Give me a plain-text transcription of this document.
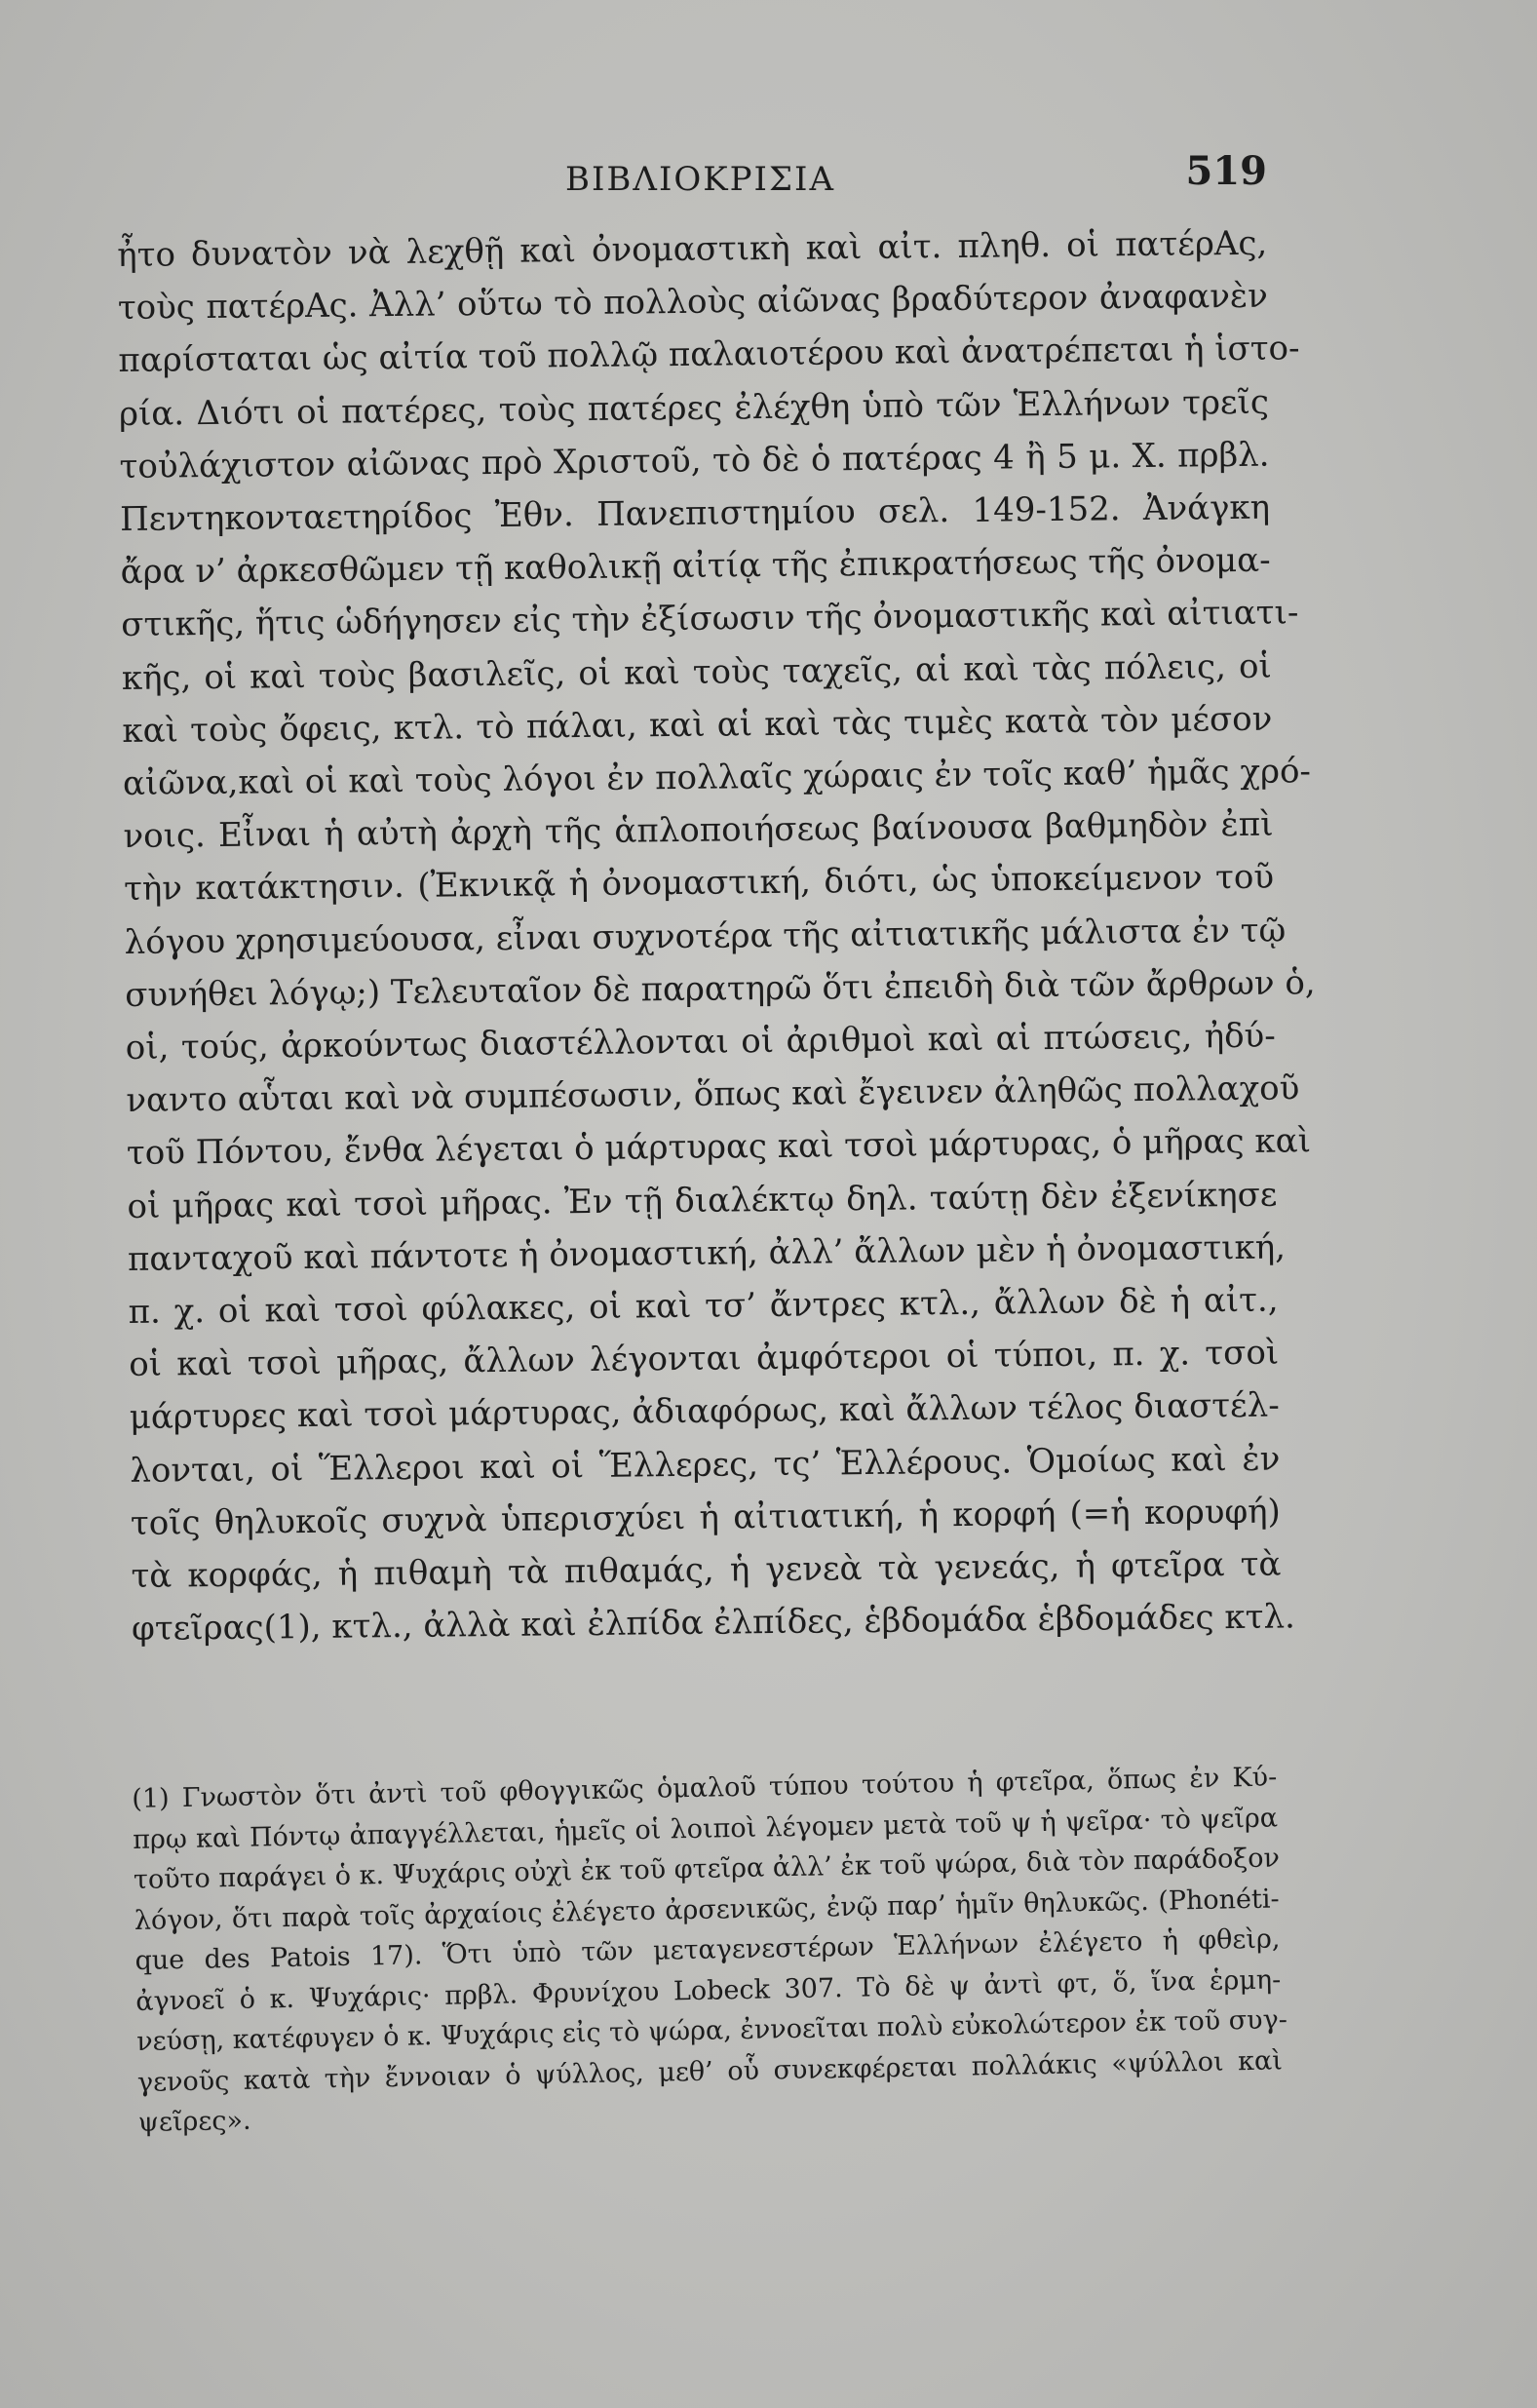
ΒΙΒΛΙΟΚΡΙΣΙΑ	519
ἦτο δυνατὸν νὰ λεχθῇ καὶ ὀνομαστικὴ καὶ αἰτ. πληθ. οἱ πατέρΑς,
τοὺς πατέρΑς. Ἀλλ’ οὕτω τὸ πολλοὺς αἰῶνας βραδύτερον ἀναφανὲν
παρίσταται ὡς αἰτία τοῦ πολλῷ παλαιοτέρου καὶ ἀνατρέπεται ἡ ἱστο-
ρία. Διότι οἱ πατέρες, τοὺς πατέρες ἐλέχθη ὑπὸ τῶν Ἑλλήνων τρεῖς
τοὐλάχιστον αἰῶνας πρὸ Χριστοῦ, τὸ δὲ ὁ πατέρας 4 ἢ 5 μ. Χ. πρβλ.
Πεντηκονταετηρίδος Ἐθν. Πανεπιστημίου σελ. 149-152. Ἀνάγκη
ἄρα ν’ ἀρκεσθῶμεν τῇ καθολικῇ αἰτίᾳ τῆς ἐπικρατήσεως τῆς ὀνομα-
στικῆς, ἥτις ὡδήγησεν εἰς τὴν ἐξίσωσιν τῆς ὀνομαστικῆς καὶ αἰτιατι-
κῆς, οἱ καὶ τοὺς βασιλεῖς, οἱ καὶ τοὺς ταχεῖς, αἱ καὶ τὰς πόλεις, οἱ
καὶ τοὺς ὄφεις, κτλ. τὸ πάλαι, καὶ αἱ καὶ τὰς τιμὲς κατὰ τὸν μέσον
αἰῶνα,καὶ οἱ καὶ τοὺς λόγοι ἐν πολλαῖς χώραις ἐν τοῖς καθ’ ἡμᾶς χρό-
νοις. Εἶναι ἡ αὐτὴ ἀρχὴ τῆς ἁπλοποιήσεως βαίνουσα βαθμηδὸν ἐπὶ
τὴν κατάκτησιν. (Ἐκνικᾷ ἡ ὀνομαστική, διότι, ὡς ὑποκείμενον τοῦ
λόγου χρησιμεύουσα, εἶναι συχνοτέρα τῆς αἰτιατικῆς μάλιστα ἐν τῷ
συνήθει λόγῳ;) Τελευταῖον δὲ παρατηρῶ ὅτι ἐπειδὴ διὰ τῶν ἄρθρων ὁ,
οἱ, τούς, ἀρκούντως διαστέλλονται οἱ ἀριθμοὶ καὶ αἱ πτώσεις, ἠδύ-
ναντο αὗται καὶ νὰ συμπέσωσιν, ὅπως καὶ ἔγεινεν ἀληθῶς πολλαχοῦ
τοῦ Πόντου, ἔνθα λέγεται ὁ μάρτυρας καὶ τσοὶ μάρτυρας, ὁ μῆρας καὶ
οἱ μῆρας καὶ τσοὶ μῆρας. Ἐν τῇ διαλέκτῳ δηλ. ταύτῃ δὲν ἐξενίκησε
πανταχοῦ καὶ πάντοτε ἡ ὀνομαστική, ἀλλ’ ἄλλων μὲν ἡ ὀνομαστική,
π. χ. οἱ καὶ τσοὶ φύλακες, οἱ καὶ τσ’ ἄντρες κτλ., ἄλλων δὲ ἡ αἰτ.,
οἱ καὶ τσοὶ μῆρας, ἄλλων λέγονται ἀμφότεροι οἱ τύποι, π. χ. τσοὶ
μάρτυρες καὶ τσοὶ μάρτυρας, ἀδιαφόρως, καὶ ἄλλων τέλος διαστέλ-
λονται, οἱ Ἕλλεροι καὶ οἱ Ἕλλερες, τς’ Ἑλλέρους. Ὁμοίως καὶ ἐν
τοῖς θηλυκοῖς συχνὰ ὑπερισχύει ἡ αἰτιατική, ἡ κορφή (=ἡ κορυφή)
τὰ κορφάς, ἡ πιθαμὴ τὰ πιθαμάς, ἡ γενεὰ τὰ γενεάς, ἡ φτεῖρα τὰ
φτεῖρας(1), κτλ., ἀλλὰ καὶ ἐλπίδα ἐλπίδες, ἑβδομάδα ἑβδομάδες κτλ.
(1) Γνωστὸν ὅτι ἀντὶ τοῦ φθογγικῶς ὁμαλοῦ τύπου τούτου ἡ φτεῖρα, ὅπως ἐν Κύ-
πρῳ καὶ Πόντῳ ἀπαγγέλλεται, ἡμεῖς οἱ λοιποὶ λέγομεν μετὰ τοῦ ψ ἡ ψεῖρα· τὸ ψεῖρα
τοῦτο παράγει ὁ κ. Ψυχάρις οὐχὶ ἐκ τοῦ φτεῖρα ἀλλ’ ἐκ τοῦ ψώρα, διὰ τὸν παράδοξον
λόγον, ὅτι παρὰ τοῖς ἀρχαίοις ἐλέγετο ἀρσενικῶς, ἐνῷ παρ’ ἡμῖν θηλυκῶς. (Phonéti-
que des Patois 17). Ὅτι ὑπὸ τῶν μεταγενεστέρων Ἑλλήνων ἐλέγετο ἡ φθεὶρ,
ἀγνοεῖ ὁ κ. Ψυχάρις· πρβλ. Φρυνίχου Lobeck 307. Τὸ δὲ ψ ἀντὶ φτ, ὅ, ἵνα ἑρμη-
νεύσῃ, κατέφυγεν ὁ κ. Ψυχάρις εἰς τὸ ψώρα, ἐννοεῖται πολὺ εὐκολώτερον ἐκ τοῦ συγ-
γενοῦς κατὰ τὴν ἔννοιαν ὁ ψύλλος, μεθ’ οὗ συνεκφέρεται πολλάκις «ψύλλοι καὶ
ψεῖρες».
